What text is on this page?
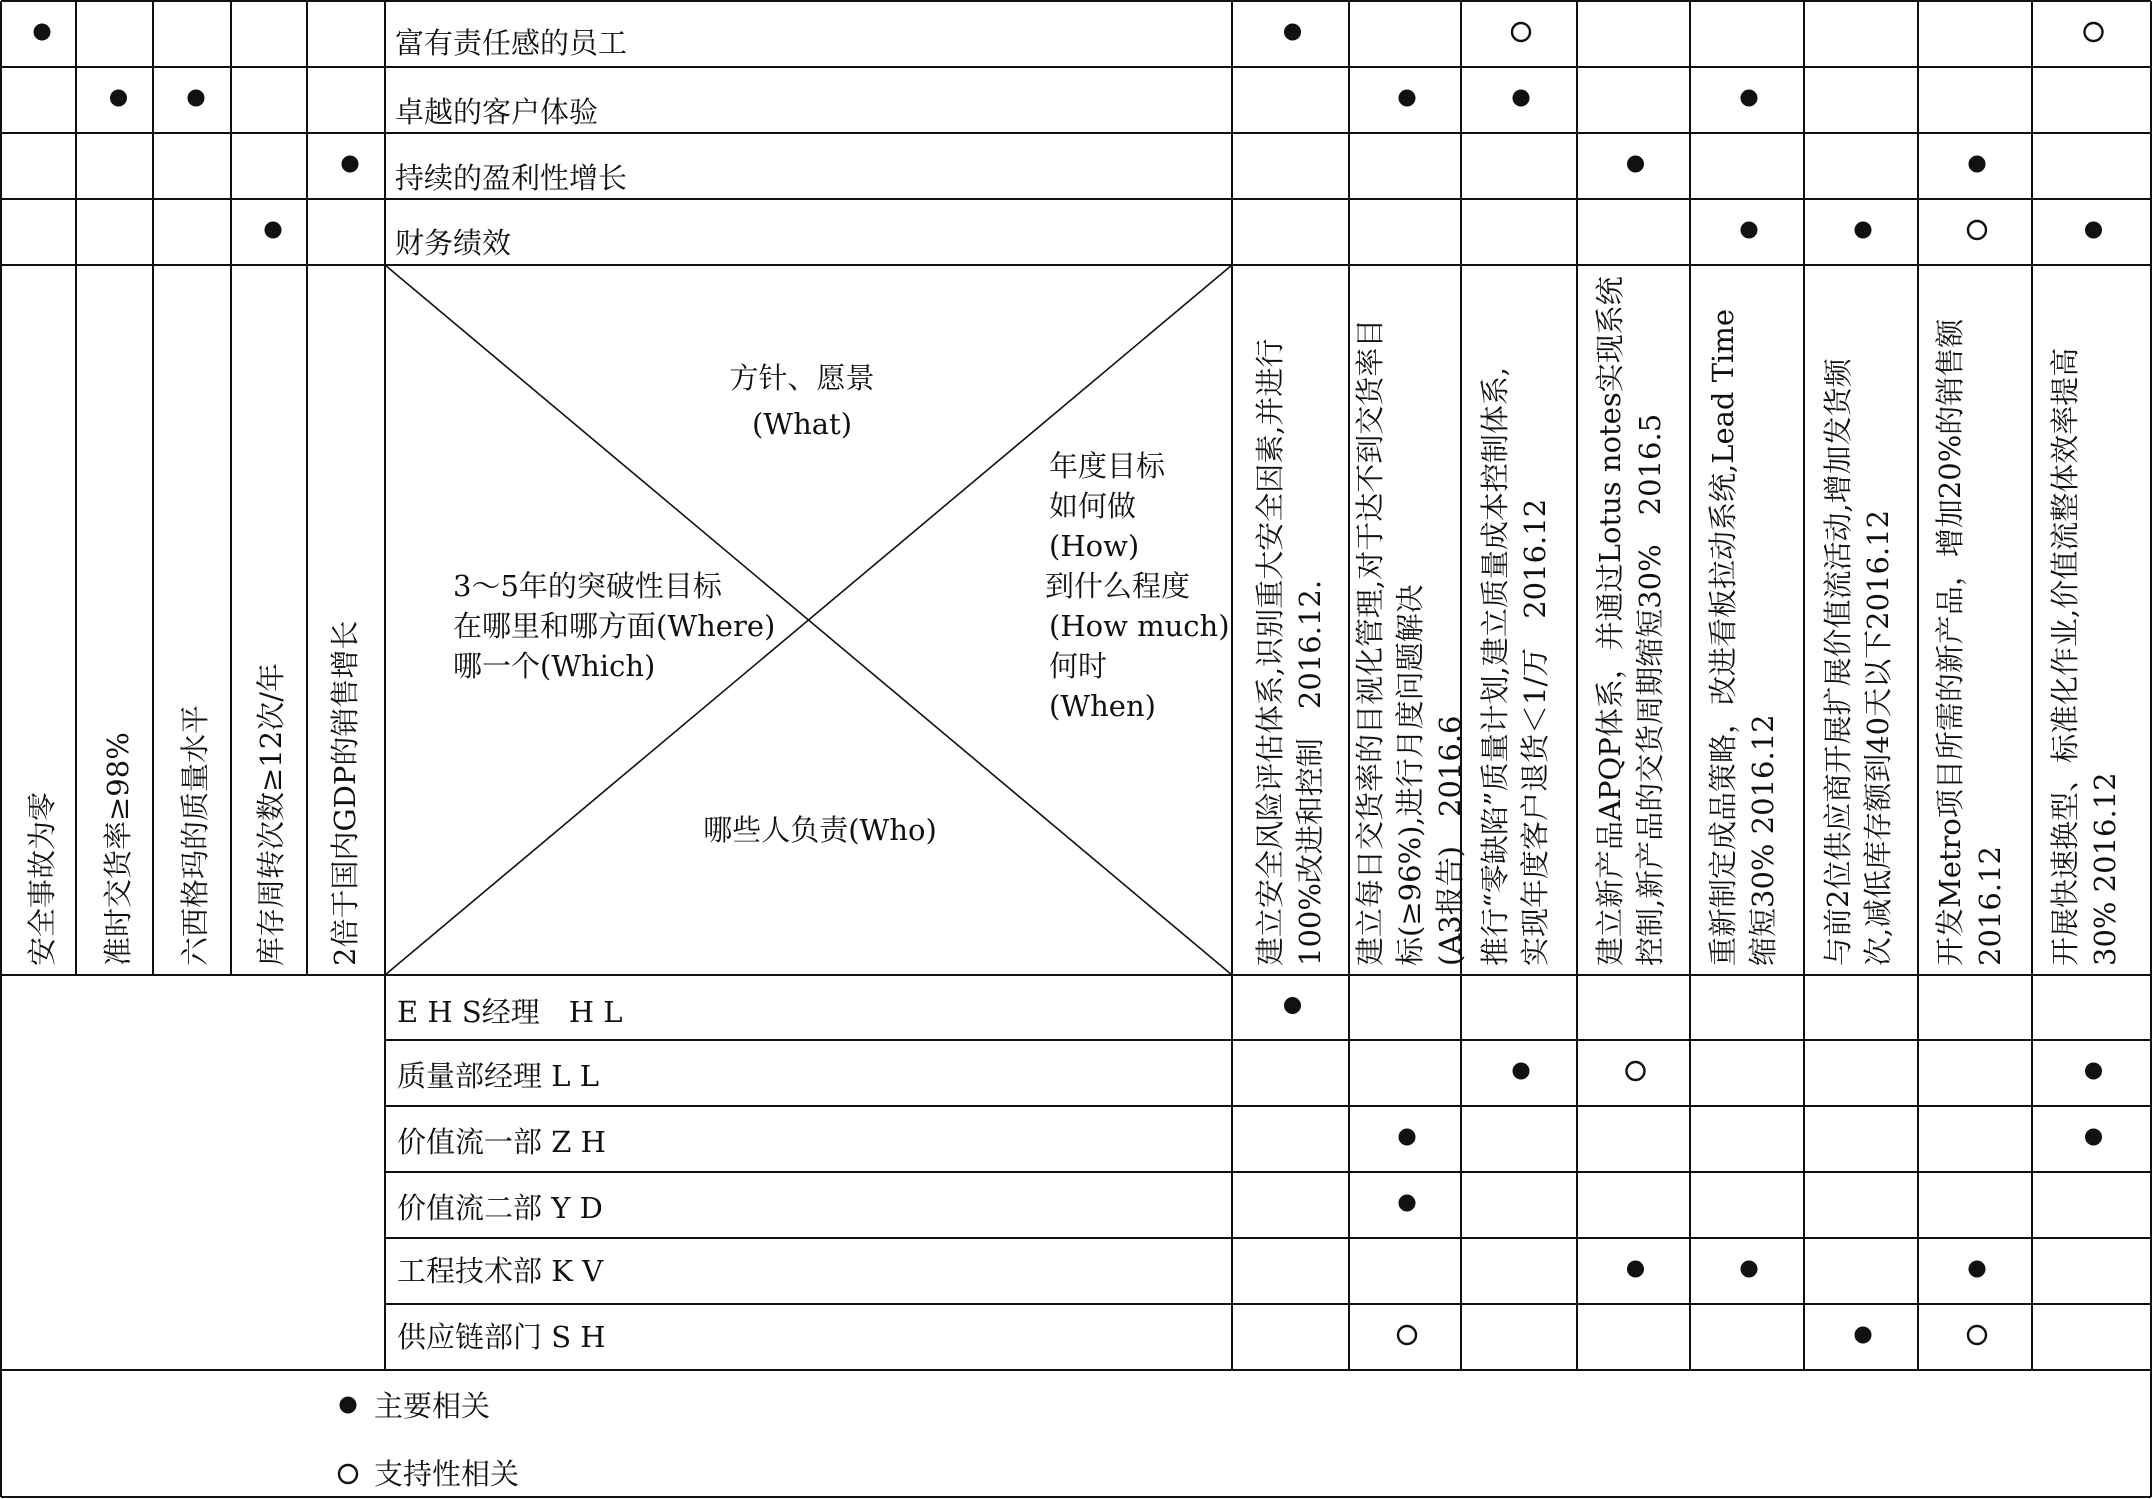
富有责任感的员工
卓越的客户体验
持续的盈利性增长
财务绩效
安全事故为零 准时交货率≥98% 六西格玛的质量水平 库存周转次数≥12次/年 2倍于国内GDP的销售增长
方针、愿景
(What)
3～5年的突破性目标
在哪里和哪方面(Where)
哪一个(Which)
年度目标
如何做
(How)
到什么程度
(How much)
何时
(When)
哪些人负责(Who)	建立安全风险评估体系,识别重大安全因素,并进行 100%改进和控制　2016.12. 建立每日交货率的目视化管理,对于达不到交货率目 标(≥96%),进行月度问题解决 (A3报告)　2016.6 推行“零缺陷”质量计划,建立质量成本控制体系, 实现年度客户退货＜1/万　2016.12 建立新产品APQP体系，并通过Lotus notes实现系统 控制,新产品的交货周期缩短30%　2016.5 重新制定成品策略，改进看板拉动系统,Lead Time 缩短30% 2016.12 与前2位供应商开展扩展价值流活动,增加发货频 次,减低库存额到40天以下2016.12 开发Metro项目所需的新产品，增加20%的销售额 2016.12 开展快速换型、标准化作业,价值流整体效率提高 30% 2016.12
E H S经理　H L
质量部经理 L L
价值流一部 Z H
价值流二部 Y D
工程技术部 K V
供应链部门 S H
主要相关
支持性相关
